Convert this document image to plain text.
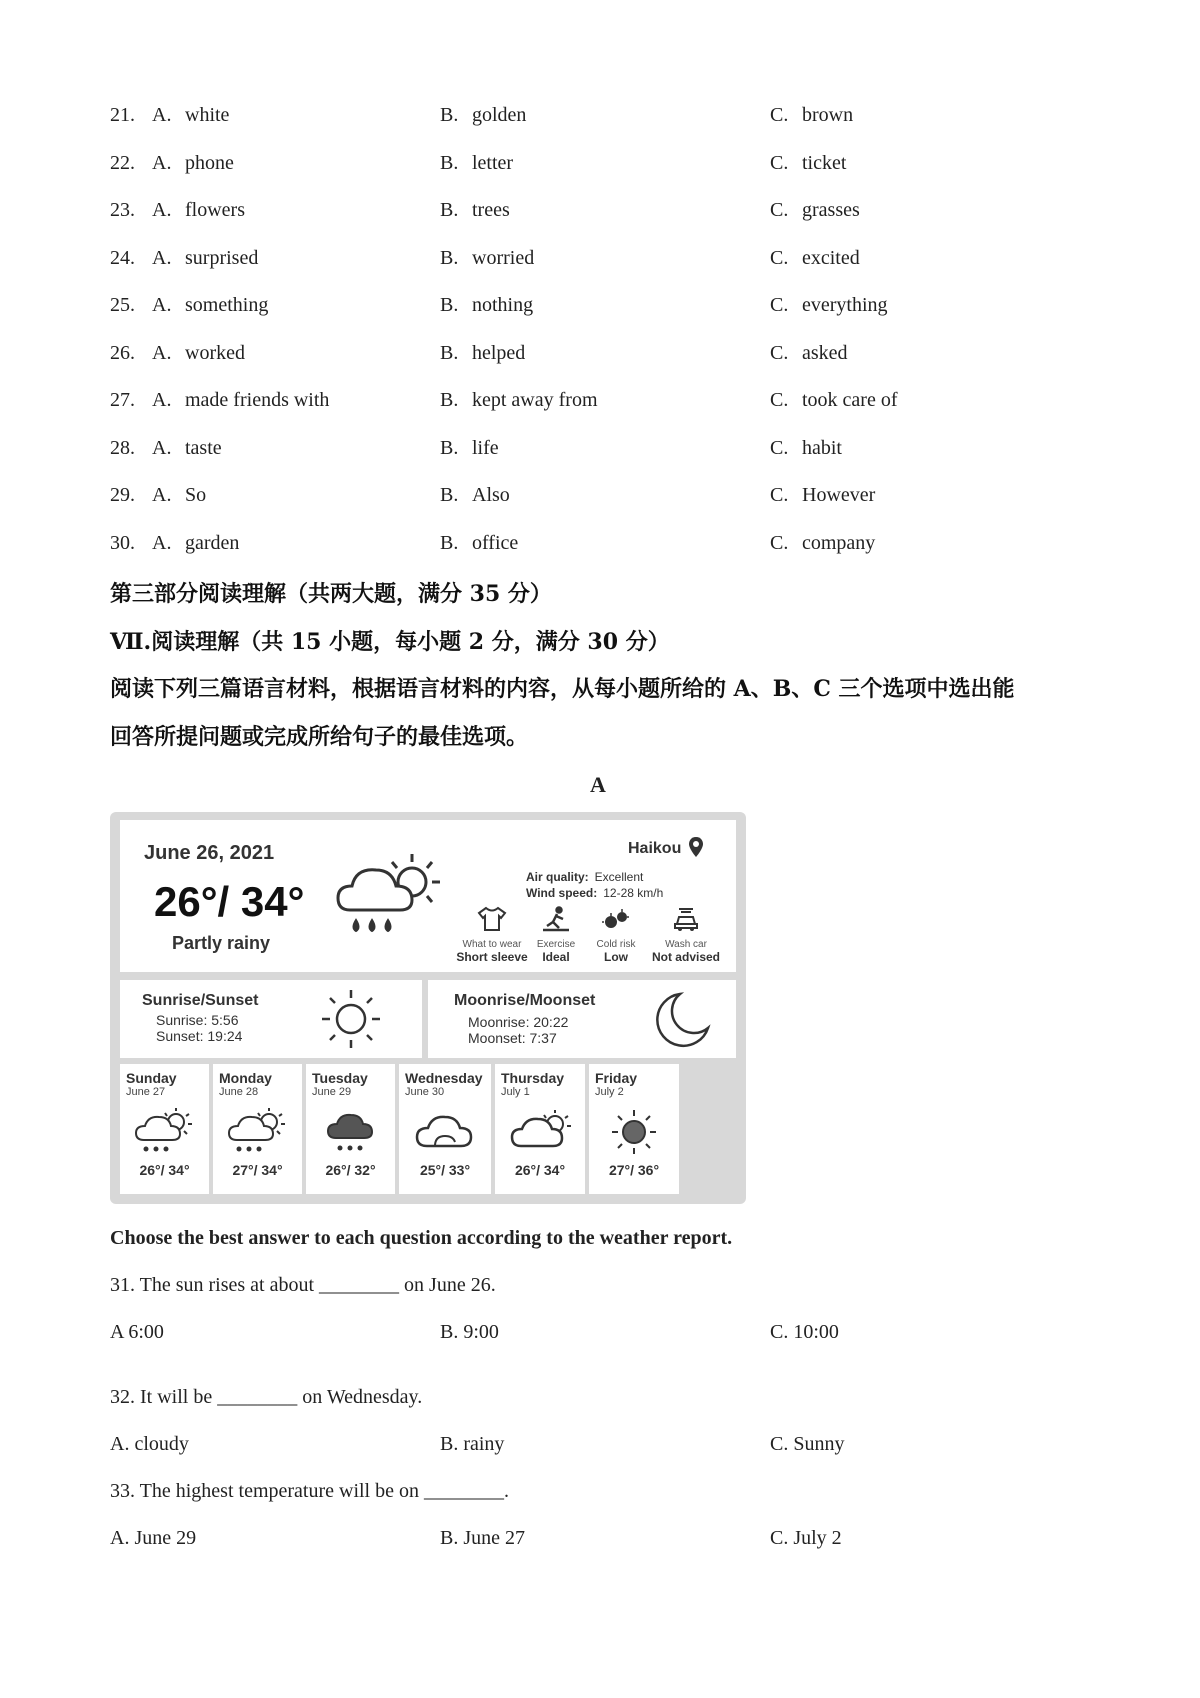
21. A. white	B. golden	C. brown
22. A. phone	B. letter	C. ticket
23. A. flowers	B. trees	C. grasses
24. A. surprised	B. worried	C. excited
25. A. something	B. nothing	C. everything
26. A. worked	B. helped	C. asked
27. A. made friends with	B. kept away from	C. took care of
28. A. taste	B. life	C. habit
29. A. So	B. Also	C. However
30. A. garden	B. office	C. company
第三部分阅读理解（共两大题，满分 35 分）
Ⅶ.阅读理解（共 15 小题，每小题 2 分，满分 30 分）
阅读下列三篇语言材料，根据语言材料的内容，从每小题所给的 A、B、C 三个选项中选出能
回答所提问题或完成所给句子的最佳选项。
A
June 26, 2021
26°/ 34°
Partly rainy
Haikou
Air quality: Excellent
Wind speed: 12-28 km/h
What to wear
Short sleeve
Exercise
Ideal
Cold risk
Low
Wash car
Not advised
Sunrise/Sunset
Sunrise: 5:56
Sunset: 19:24
Moonrise/Moonset
Moonrise: 20:22
Moonset: 7:37
Sunday
June 27
26°/ 34°
Monday
June 28
27°/ 34°
Tuesday
June 29
26°/ 32°
Wednesday
June 30
25°/ 33°
Thursday
July 1
26°/ 34°
Friday
July 2
27°/ 36°
Choose the best answer to each question according to the weather report.
31. The sun rises at about ________ on June 26.
A 6:00	B. 9:00	C. 10:00
32. It will be ________ on Wednesday.
A. cloudy	B. rainy	C. Sunny
33. The highest temperature will be on ________.
A. June 29	B. June 27	C. July 2
